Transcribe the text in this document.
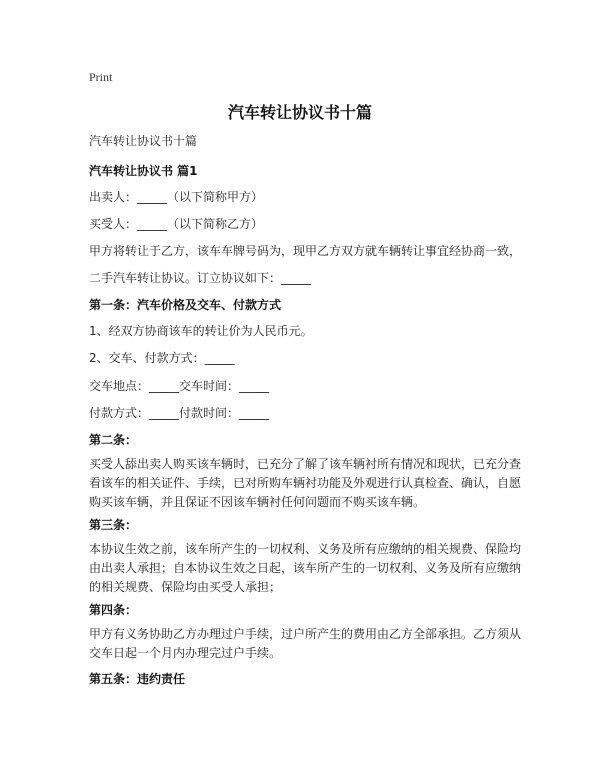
Print
汽车转让协议书十篇
汽车转让协议书十篇
汽车转让协议书 篇1
出卖人：_____（以下简称甲方）
买受人：_____（以下简称乙方）
甲方将转让于乙方，该车车牌号码为，现甲乙方双方就车辆转让事宜经协商一致，
二手汽车转让协议。订立协议如下：_____
第一条：汽车价格及交车、付款方式
1、经双方协商该车的转让价为人民币元。
2、交车、付款方式：_____
交车地点：_____交车时间：_____
付款方式：_____付款时间：_____
第二条：
买受人舔出卖人购买该车辆时，已充分了解了该车辆衬所有情况和现状，已充分查看该车的相关证件、手续，已对所购车辆衬功能及外观进行认真检查、确认，自愿购买该车辆，并且保证不因该车辆衬任何问题而不购买该车辆。
第三条：
本协议生效之前，该车所产生的一切权利、义务及所有应缴纳的相关规费、保险均由出卖人承担；自本协议生效之日起，该车所产生的一切权利、义务及所有应缴纳的相关规费、保险均由买受人承担；
第四条：
甲方有义务协助乙方办理过户手续，过户所产生的费用由乙方全部承担。乙方须从交车日起一个月内办理完过户手续。
第五条：违约责任
